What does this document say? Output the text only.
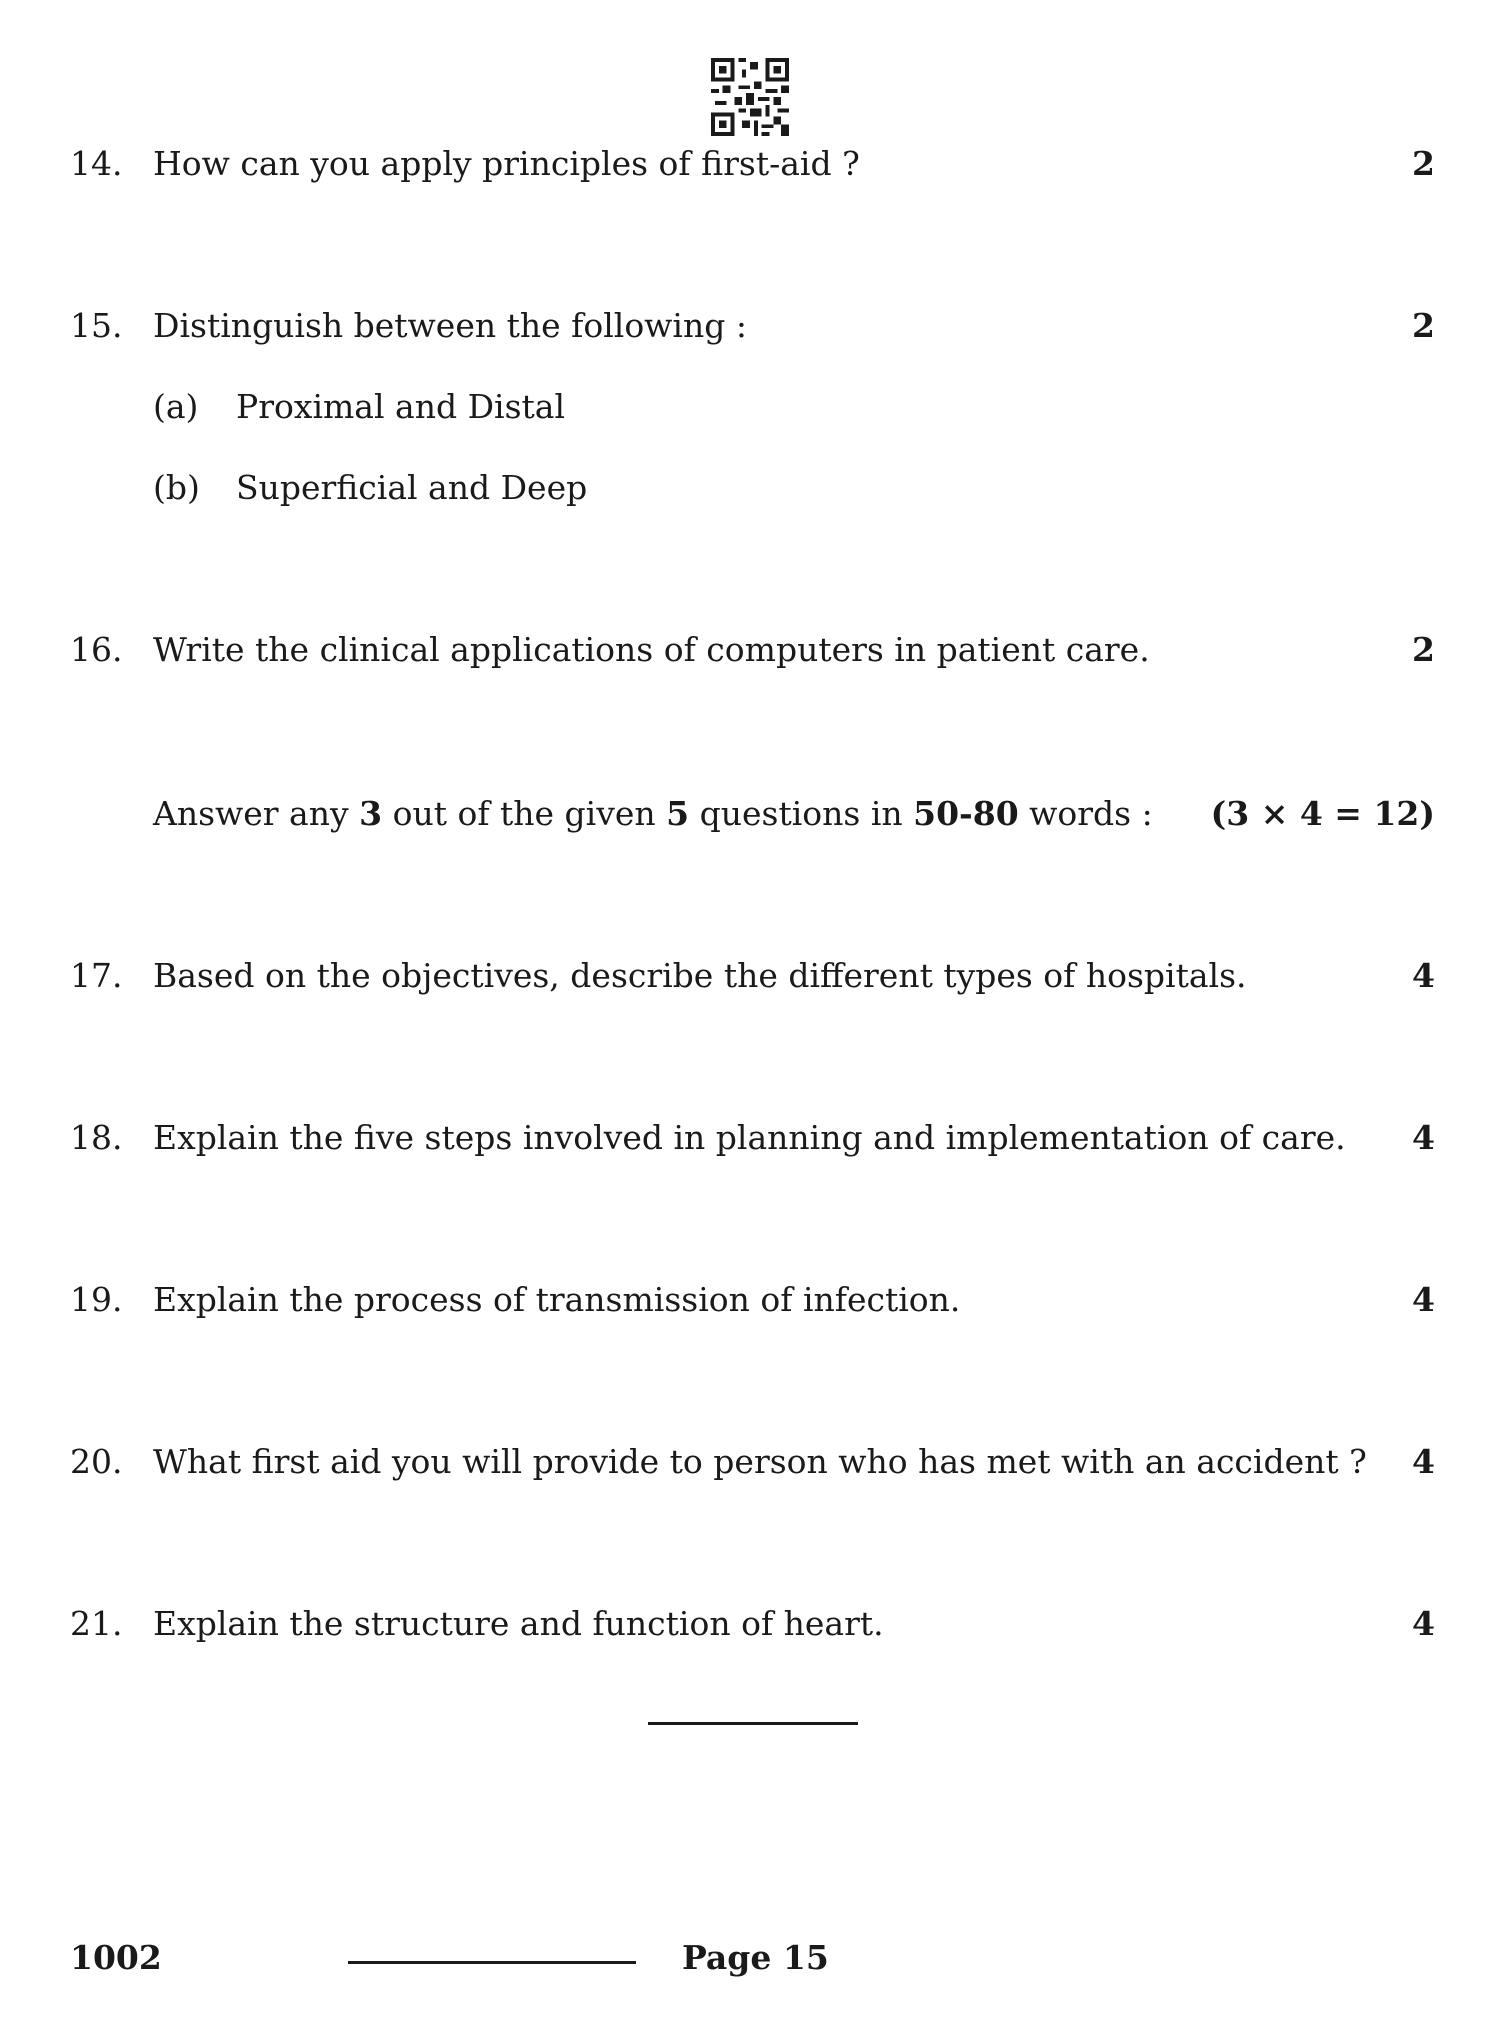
14. How can you apply principles of first-aid ?	2
15. Distinguish between the following :	2
(a) Proximal and Distal
(b) Superficial and Deep
16. Write the clinical applications of computers in patient care.	2
Answer any 3 out of the given 5 questions in 50-80 words : (3 × 4 = 12)
17. Based on the objectives, describe the different types of hospitals.	4
18. Explain the five steps involved in planning and implementation of care. 4
19. Explain the process of transmission of infection.	4
20. What first aid you will provide to person who has met with an accident ? 4
21. Explain the structure and function of heart.	4
1002	Page 15
